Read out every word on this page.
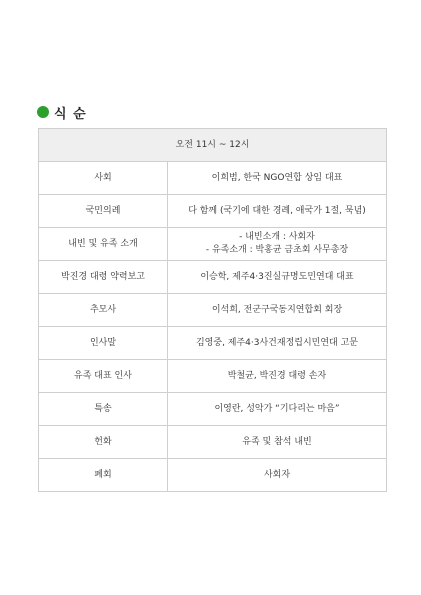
식 순
오전 11시 ~ 12시	
사회	이희범, 한국 NGO연합 상임 대표

국민의례	다 함께 (국기에 대한 경례, 애국가 1절, 묵념)

내빈 및 유족 소개	- 내빈소개 : 사회자
- 유족소개 : 박홍균 금초회 사무총장

박진경 대령 약력보고	이승학, 제주4·3진실규명도민연대 대표

추모사	이석희, 전군구국동지연합회 회장

인사말	김영중, 제주4·3사건재정립시민연대 고문

유족 대표 인사	박철균, 박진경 대령 손자

특송	이영란, 성악가 “기다리는 마음”

헌화	유족 및 참석 내빈

폐회	사회자
